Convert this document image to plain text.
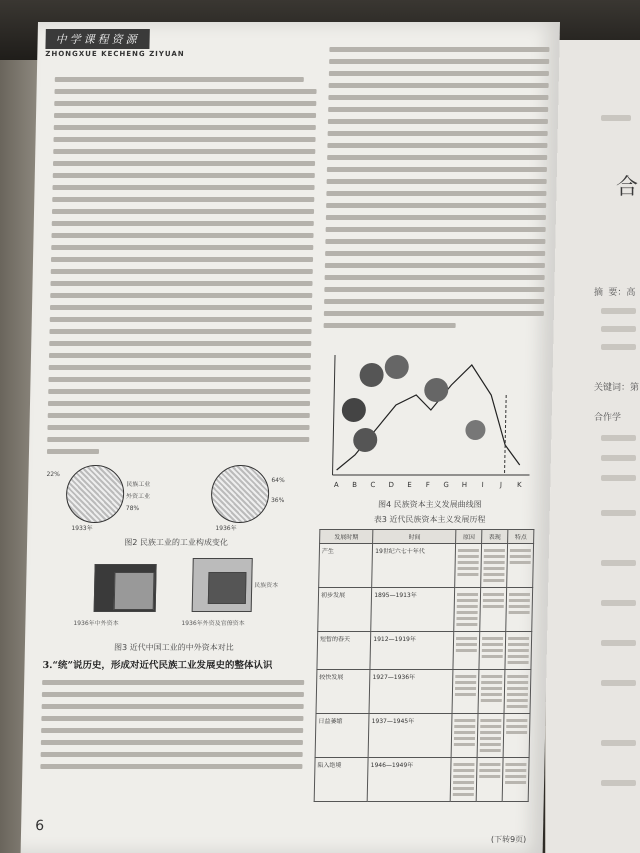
合
摘 要：高
关键词：第
合作学
中学课程资源
ZHONGXUE KECHENG ZIYUAN
1933年	1936年
民族工业
外资工业
22%
78%
64%
36%
图2 民族工业的工业构成变化
1936年中外资本	1936年外资及官僚资本
民族资本
图3 近代中国工业的中外资本对比
3.“统”说历史，形成对近代民族工业发展史的整体认识
A B C D E F G H I J K
图4 民族资本主义发展曲线图
表3 近代民族资本主义发展历程
发展时期	时间	原因	表现	特点
产生	19世纪六七十年代	

初步发展	1895—1913年	

短暂的春天	1912—1919年	

较快发展	1927—1936年	

日益萎缩	1937—1945年	

陷入绝境	1946—1949年	

6
(下转9页)
